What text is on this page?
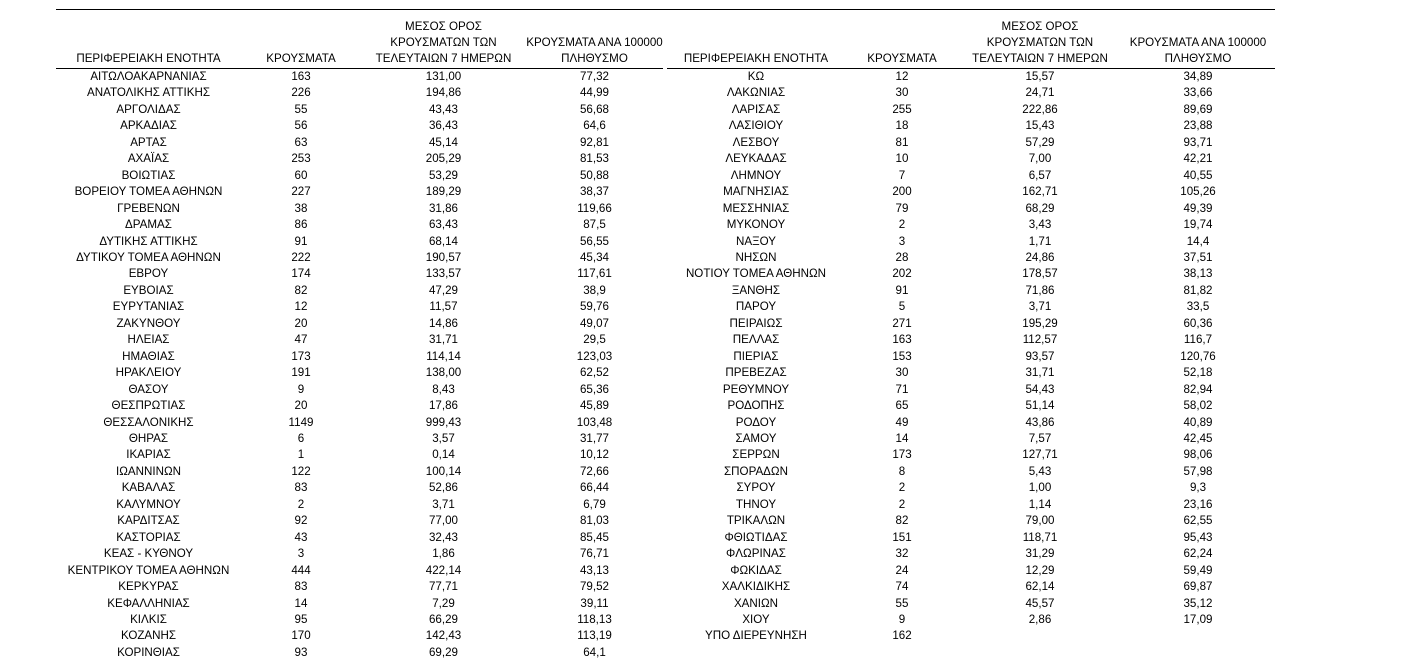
ΠΕΡΙΦΕΡΕΙΑΚΗ ΕΝΟΤΗΤΑ	ΚΡΟΥΣΜΑΤΑ	ΜΕΣΟΣ ΟΡΟΣ
ΚΡΟΥΣΜΑΤΩΝ ΤΩΝ
ΤΕΛΕΥΤΑΙΩΝ 7 ΗΜΕΡΩΝ	ΚΡΟΥΣΜΑΤΑ ΑΝΑ 100000
ΠΛΗΘΥΣΜΟ

ΑΙΤΩΛΟΑΚΑΡΝΑΝΙΑΣ	163	131,00	77,32
ΑΝΑΤΟΛΙΚΗΣ ΑΤΤΙΚΗΣ	226	194,86	44,99
ΑΡΓΟΛΙΔΑΣ	55	43,43	56,68
ΑΡΚΑΔΙΑΣ	56	36,43	64,6
ΑΡΤΑΣ	63	45,14	92,81
ΑΧΑΪΑΣ	253	205,29	81,53
ΒΟΙΩΤΙΑΣ	60	53,29	50,88
ΒΟΡΕΙΟΥ ΤΟΜΕΑ ΑΘΗΝΩΝ	227	189,29	38,37
ΓΡΕΒΕΝΩΝ	38	31,86	119,66
ΔΡΑΜΑΣ	86	63,43	87,5
ΔΥΤΙΚΗΣ ΑΤΤΙΚΗΣ	91	68,14	56,55
ΔΥΤΙΚΟΥ ΤΟΜΕΑ ΑΘΗΝΩΝ	222	190,57	45,34
ΕΒΡΟΥ	174	133,57	117,61
ΕΥΒΟΙΑΣ	82	47,29	38,9
ΕΥΡΥΤΑΝΙΑΣ	12	11,57	59,76
ΖΑΚΥΝΘΟΥ	20	14,86	49,07
ΗΛΕΙΑΣ	47	31,71	29,5
ΗΜΑΘΙΑΣ	173	114,14	123,03
ΗΡΑΚΛΕΙΟΥ	191	138,00	62,52
ΘΑΣΟΥ	9	8,43	65,36
ΘΕΣΠΡΩΤΙΑΣ	20	17,86	45,89
ΘΕΣΣΑΛΟΝΙΚΗΣ	1149	999,43	103,48
ΘΗΡΑΣ	6	3,57	31,77
ΙΚΑΡΙΑΣ	1	0,14	10,12
ΙΩΑΝΝΙΝΩΝ	122	100,14	72,66
ΚΑΒΑΛΑΣ	83	52,86	66,44
ΚΑΛΥΜΝΟΥ	2	3,71	6,79
ΚΑΡΔΙΤΣΑΣ	92	77,00	81,03
ΚΑΣΤΟΡΙΑΣ	43	32,43	85,45
ΚΕΑΣ - ΚΥΘΝΟΥ	3	1,86	76,71
ΚΕΝΤΡΙΚΟΥ ΤΟΜΕΑ ΑΘΗΝΩΝ	444	422,14	43,13
ΚΕΡΚΥΡΑΣ	83	77,71	79,52
ΚΕΦΑΛΛΗΝΙΑΣ	14	7,29	39,11
ΚΙΛΚΙΣ	95	66,29	118,13
ΚΟΖΑΝΗΣ	170	142,43	113,19
ΚΟΡΙΝΘΙΑΣ	93	69,29	64,1
ΠΕΡΙΦΕΡΕΙΑΚΗ ΕΝΟΤΗΤΑ	ΚΡΟΥΣΜΑΤΑ	ΜΕΣΟΣ ΟΡΟΣ
ΚΡΟΥΣΜΑΤΩΝ ΤΩΝ
ΤΕΛΕΥΤΑΙΩΝ 7 ΗΜΕΡΩΝ	ΚΡΟΥΣΜΑΤΑ ΑΝΑ 100000
ΠΛΗΘΥΣΜΟ

ΚΩ	12	15,57	34,89
ΛΑΚΩΝΙΑΣ	30	24,71	33,66
ΛΑΡΙΣΑΣ	255	222,86	89,69
ΛΑΣΙΘΙΟΥ	18	15,43	23,88
ΛΕΣΒΟΥ	81	57,29	93,71
ΛΕΥΚΑΔΑΣ	10	7,00	42,21
ΛΗΜΝΟΥ	7	6,57	40,55
ΜΑΓΝΗΣΙΑΣ	200	162,71	105,26
ΜΕΣΣΗΝΙΑΣ	79	68,29	49,39
ΜΥΚΟΝΟΥ	2	3,43	19,74
ΝΑΞΟΥ	3	1,71	14,4
ΝΗΣΩΝ	28	24,86	37,51
ΝΟΤΙΟΥ ΤΟΜΕΑ ΑΘΗΝΩΝ	202	178,57	38,13
ΞΑΝΘΗΣ	91	71,86	81,82
ΠΑΡΟΥ	5	3,71	33,5
ΠΕΙΡΑΙΩΣ	271	195,29	60,36
ΠΕΛΛΑΣ	163	112,57	116,7
ΠΙΕΡΙΑΣ	153	93,57	120,76
ΠΡΕΒΕΖΑΣ	30	31,71	52,18
ΡΕΘΥΜΝΟΥ	71	54,43	82,94
ΡΟΔΟΠΗΣ	65	51,14	58,02
ΡΟΔΟΥ	49	43,86	40,89
ΣΑΜΟΥ	14	7,57	42,45
ΣΕΡΡΩΝ	173	127,71	98,06
ΣΠΟΡΑΔΩΝ	8	5,43	57,98
ΣΥΡΟΥ	2	1,00	9,3
ΤΗΝΟΥ	2	1,14	23,16
ΤΡΙΚΑΛΩΝ	82	79,00	62,55
ΦΘΙΩΤΙΔΑΣ	151	118,71	95,43
ΦΛΩΡΙΝΑΣ	32	31,29	62,24
ΦΩΚΙΔΑΣ	24	12,29	59,49
ΧΑΛΚΙΔΙΚΗΣ	74	62,14	69,87
ΧΑΝΙΩΝ	55	45,57	35,12
ΧΙΟΥ	9	2,86	17,09
ΥΠΟ ΔΙΕΡΕΥΝΗΣΗ	162		
